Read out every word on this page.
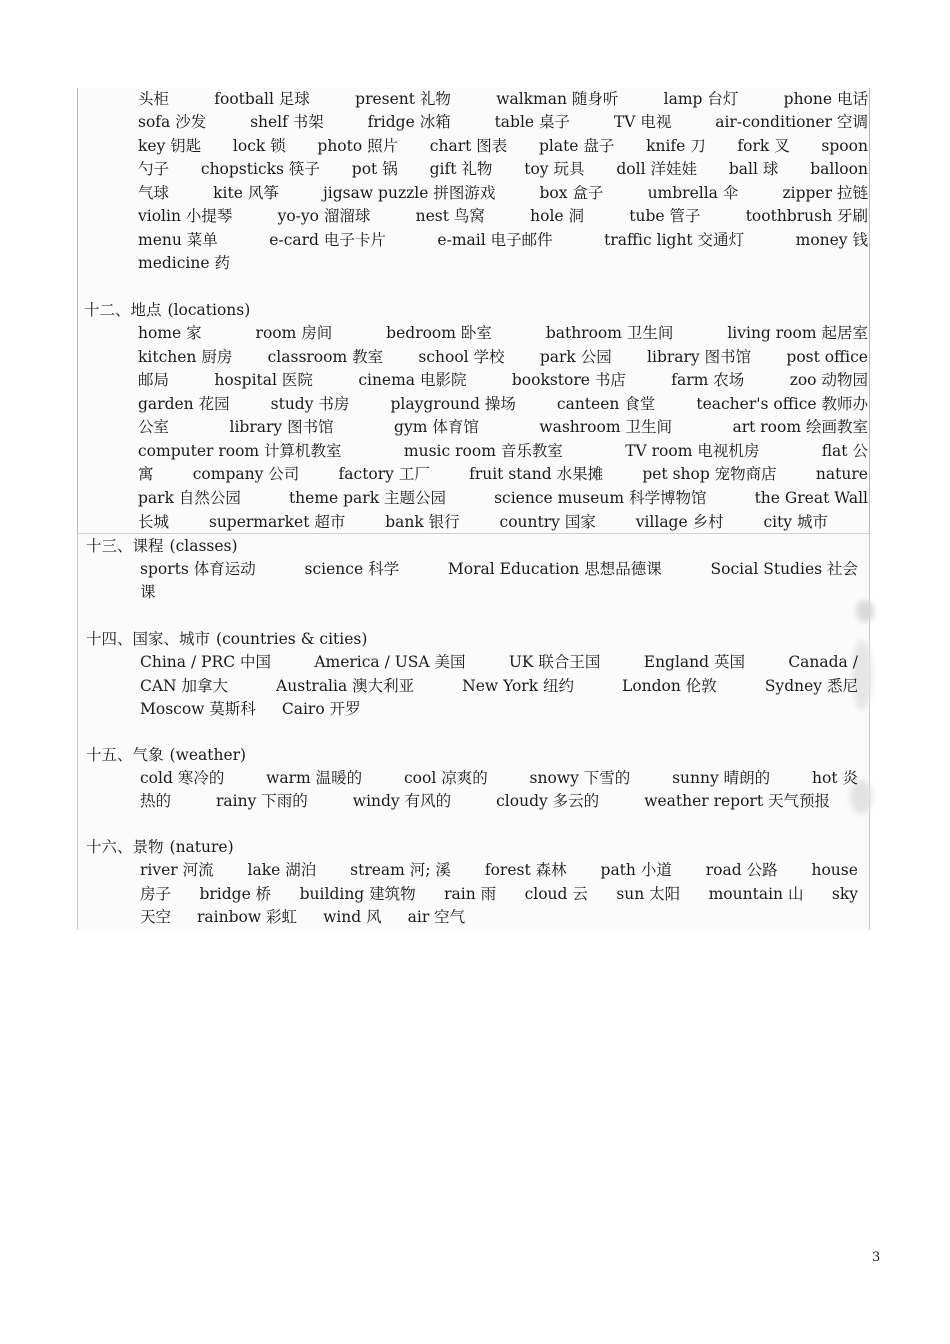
头柜	football 足球	present 礼物	walkman 随身听	lamp 台灯	phone 电话
sofa 沙发	shelf 书架	fridge 冰箱	table 桌子	TV 电视	air-conditioner 空调
key 钥匙 lock 锁 photo 照片 chart 图表 plate 盘子 knife 刀 fork 叉 spoon
勺子 chopsticks 筷子 pot 锅 gift 礼物 toy 玩具 doll 洋娃娃 ball 球 balloon
气球	kite 风筝	jigsaw puzzle 拼图游戏	box 盒子	umbrella 伞	zipper 拉链
violin 小提琴	yo-yo 溜溜球	nest 鸟窝	hole 洞	tube 管子	toothbrush 牙刷
menu 菜单	e-card 电子卡片	e-mail 电子邮件	traffic light 交通灯	money 钱
medicine 药
十二、地点 (locations)
home 家	room 房间	bedroom 卧室	bathroom 卫生间	living room 起居室
kitchen 厨房 classroom 教室 school 学校 park 公园 library 图书馆 post office
邮局	hospital 医院	cinema 电影院	bookstore 书店	farm 农场	zoo 动物园
garden 花园	study 书房	playground 操场	canteen 食堂	teacher's office 教师办
公室	library 图书馆	gym 体育馆	washroom 卫生间	art room 绘画教室
computer room 计算机教室	music room 音乐教室	TV room 电视机房	flat 公
寓	company 公司	factory 工厂	fruit stand 水果摊	pet shop 宠物商店	nature
park 自然公园	theme park 主题公园	science museum 科学博物馆	the Great Wall
长城	supermarket 超市	bank 银行	country 国家	village 乡村	city 城市
十三、课程 (classes)
sports 体育运动	science 科学	Moral Education 思想品德课	Social Studies 社会
课
十四、国家、城市 (countries & cities)
China / PRC 中国	America / USA 美国	UK 联合王国	England 英国	Canada /
CAN 加拿大	Australia 澳大利亚	New York 纽约	London 伦敦	Sydney 悉尼
Moscow 莫斯科 Cairo 开罗
十五、气象 (weather)
cold 寒冷的	warm 温暖的	cool 凉爽的	snowy 下雪的	sunny 晴朗的	hot 炎
热的	rainy 下雨的	windy 有风的	cloudy 多云的	weather report 天气预报
十六、景物 (nature)
river 河流 lake 湖泊 stream 河; 溪 forest 森林 path 小道 road 公路 house
房子 bridge 桥 building 建筑物 rain 雨 cloud 云 sun 太阳 mountain 山 sky
天空 rainbow 彩虹 wind 风 air 空气
3
